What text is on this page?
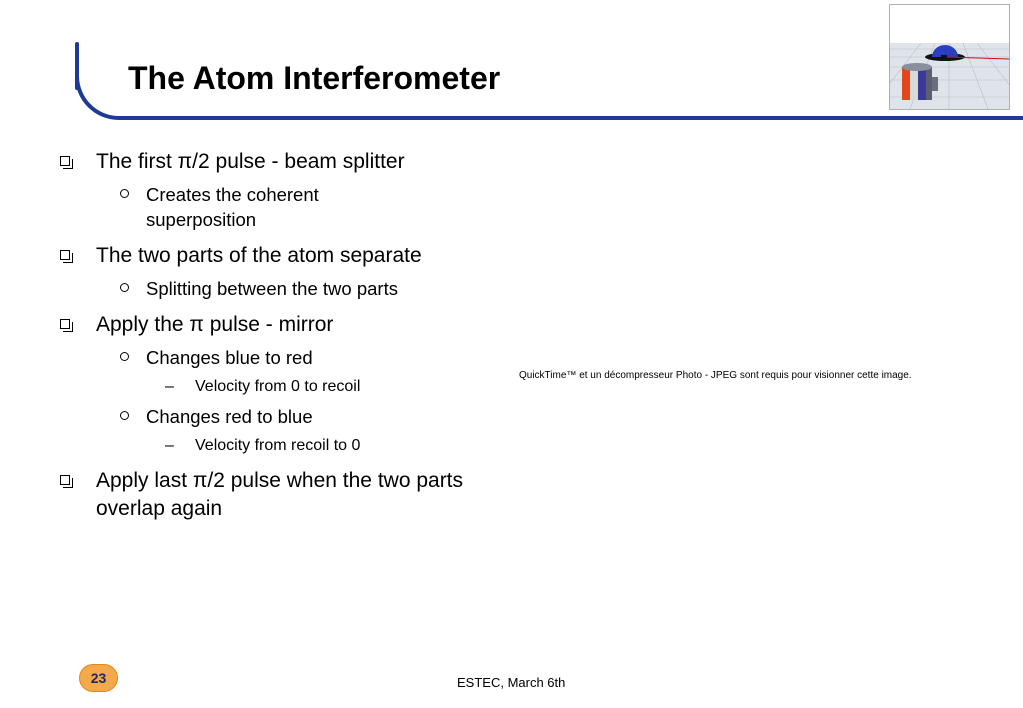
The Atom Interferometer
The first π/2 pulse - beam splitter
Creates the coherent superposition
The two parts of the atom separate
Splitting between the two parts
Apply the π pulse - mirror
Changes blue to red
– Velocity from 0 to recoil
Changes red to blue
– Velocity from recoil to 0
Apply last π/2 pulse when the two parts overlap again
QuickTime™ et un décompresseur Photo - JPEG sont requis pour visionner cette image.
23	ESTEC, March 6th
